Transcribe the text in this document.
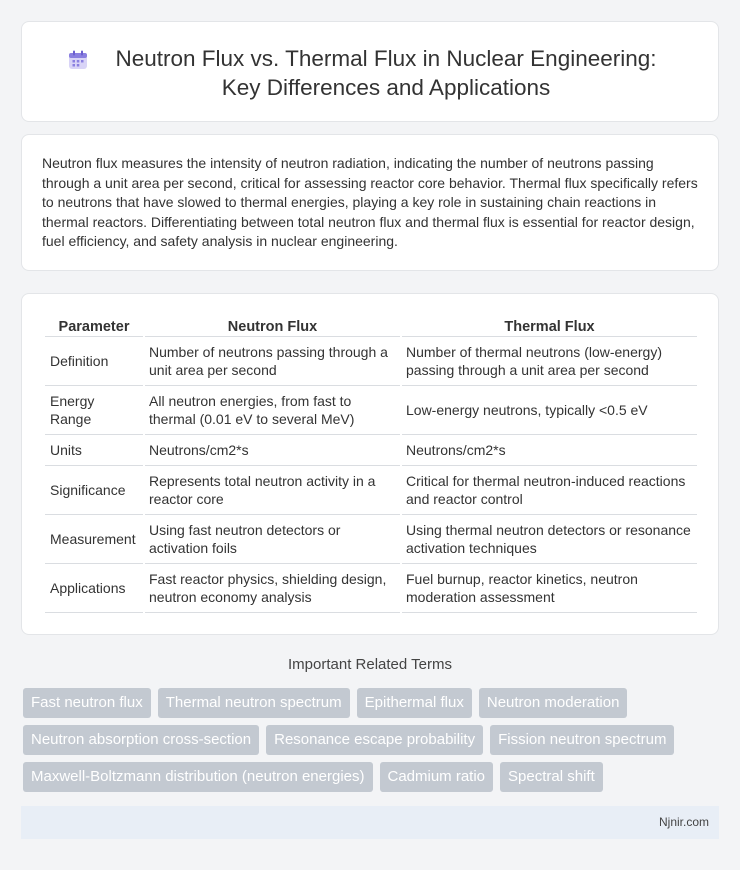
Neutron Flux vs. Thermal Flux in Nuclear Engineering:
Key Differences and Applications

Neutron flux measures the intensity of neutron radiation, indicating the number of neutrons passing through a unit area per second, critical for assessing reactor core behavior. Thermal flux specifically refers to neutrons that have slowed to thermal energies, playing a key role in sustaining chain reactions in thermal reactors. Differentiating between total neutron flux and thermal flux is essential for reactor design, fuel efficiency, and safety analysis in nuclear engineering.

Parameter	Neutron Flux	Thermal Flux
Definition	Number of neutrons passing through a unit area per second	Number of thermal neutrons (low-energy) passing through a unit area per second
Energy Range	All neutron energies, from fast to thermal (0.01 eV to several MeV)	Low-energy neutrons, typically <0.5 eV
Units	Neutrons/cm2*s	Neutrons/cm2*s
Significance	Represents total neutron activity in a reactor core	Critical for thermal neutron-induced reactions and reactor control
Measurement	Using fast neutron detectors or activation foils	Using thermal neutron detectors or resonance activation techniques
Applications	Fast reactor physics, shielding design, neutron economy analysis	Fuel burnup, reactor kinetics, neutron moderation assessment
Important Related Terms
Fast neutron flux	Thermal neutron spectrum	Epithermal flux	Neutron moderation
Neutron absorption cross-section	Resonance escape probability	Fission neutron spectrum
Maxwell-Boltzmann distribution (neutron energies)	Cadmium ratio	Spectral shift
Njnir.com
